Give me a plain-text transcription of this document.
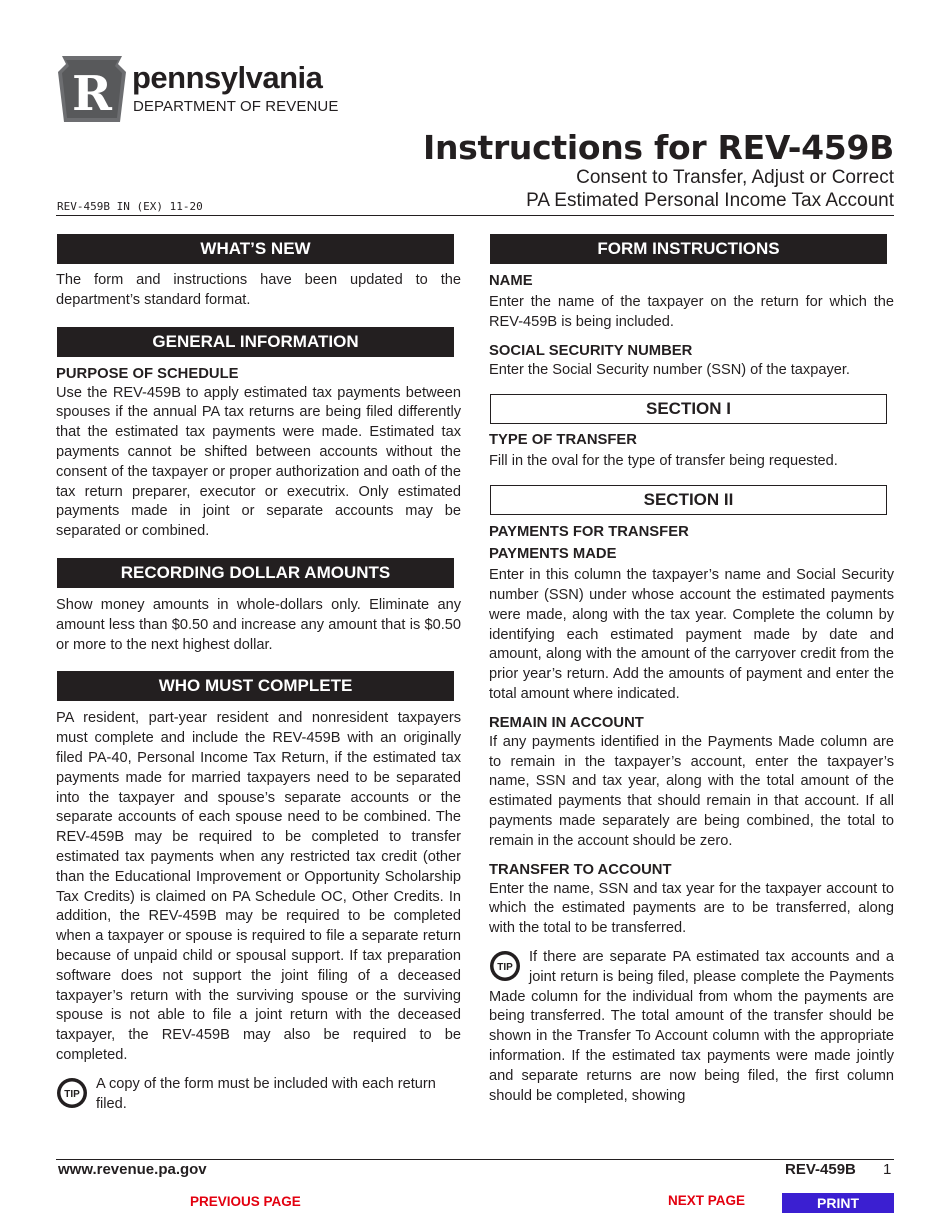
R pennsylvania
DEPARTMENT OF REVENUE
Instructions for REV-459B
Consent to Transfer, Adjust or Correct
PA Estimated Personal Income Tax Account
REV-459B IN (EX) 11-20
WHAT’S NEW

The form and instructions have been updated to the department’s standard format.

GENERAL INFORMATION
PURPOSE OF SCHEDULE

Use the REV-459B to apply estimated tax payments between spouses if the annual PA tax returns are being filed differently that the estimated tax payments were made. Estimated tax payments cannot be shifted between accounts without the consent of the taxpayer or proper authorization and oath of the tax return preparer, executor or executrix. Only estimated payments made in joint or separate accounts may be separated or combined.

RECORDING DOLLAR AMOUNTS

Show money amounts in whole-dollars only. Eliminate any amount less than $0.50 and increase any amount that is $0.50 or more to the next highest dollar.

WHO MUST COMPLETE

PA resident, part-year resident and nonresident taxpayers must complete and include the REV-459B with an originally filed PA-40, Personal Income Tax Return, if the estimated tax payments made for married taxpayers need to be separated into the taxpayer and spouse’s separate accounts or the separate accounts of each spouse need to be combined. The REV-459B may be required to be completed to transfer estimated tax payments when any restricted tax credit (other than the Educational Improvement or Opportunity Scholarship Tax Credits) is claimed on PA Schedule OC, Other Credits. In addition, the REV-459B may be required to be completed when a taxpayer or spouse is required to file a separate return because of unpaid child or spousal support. If tax preparation software does not support the joint filing of a deceased taxpayer’s return with the surviving spouse or the surviving spouse is not able to file a joint return with the deceased taxpayer, the REV-459B may also be required to be completed.

TIP
A copy of the form must be included with each return filed.
FORM INSTRUCTIONS
NAME

Enter the name of the taxpayer on the return for which the REV-459B is being included.

SOCIAL SECURITY NUMBER

Enter the Social Security number (SSN) of the taxpayer.

SECTION I
TYPE OF TRANSFER

Fill in the oval for the type of transfer being requested.

SECTION II
PAYMENTS FOR TRANSFER
PAYMENTS MADE

Enter in this column the taxpayer’s name and Social Security number (SSN) under whose account the estimated payments were made, along with the tax year. Complete the column by identifying each estimated payment made by date and amount, along with the amount of the carryover credit from the prior year’s return. Add the amounts of payment and enter the total amount where indicated.

REMAIN IN ACCOUNT

If any payments identified in the Payments Made column are to remain in the taxpayer’s account, enter the taxpayer’s name, SSN and tax year, along with the total amount of the estimated payments that should remain in that account. If all payments made separately are being combined, the total to remain in the account should be zero.

TRANSFER TO ACCOUNT

Enter the name, SSN and tax year for the taxpayer account to which the estimated payments are to be transferred, along with the total to be transferred.

TIP

If there are separate PA estimated tax accounts and a joint return is being filed, please complete the Payments Made column for the individual from whom the payments are being transferred. The total amount of the transfer should be shown in the Transfer To Account column with the appropriate information. If the estimated tax payments were made jointly and separate returns are now being filed, the first column should be completed, showing

www.revenue.pa.gov	REV-459B 1
PREVIOUS PAGE	NEXT PAGE	PRINT
